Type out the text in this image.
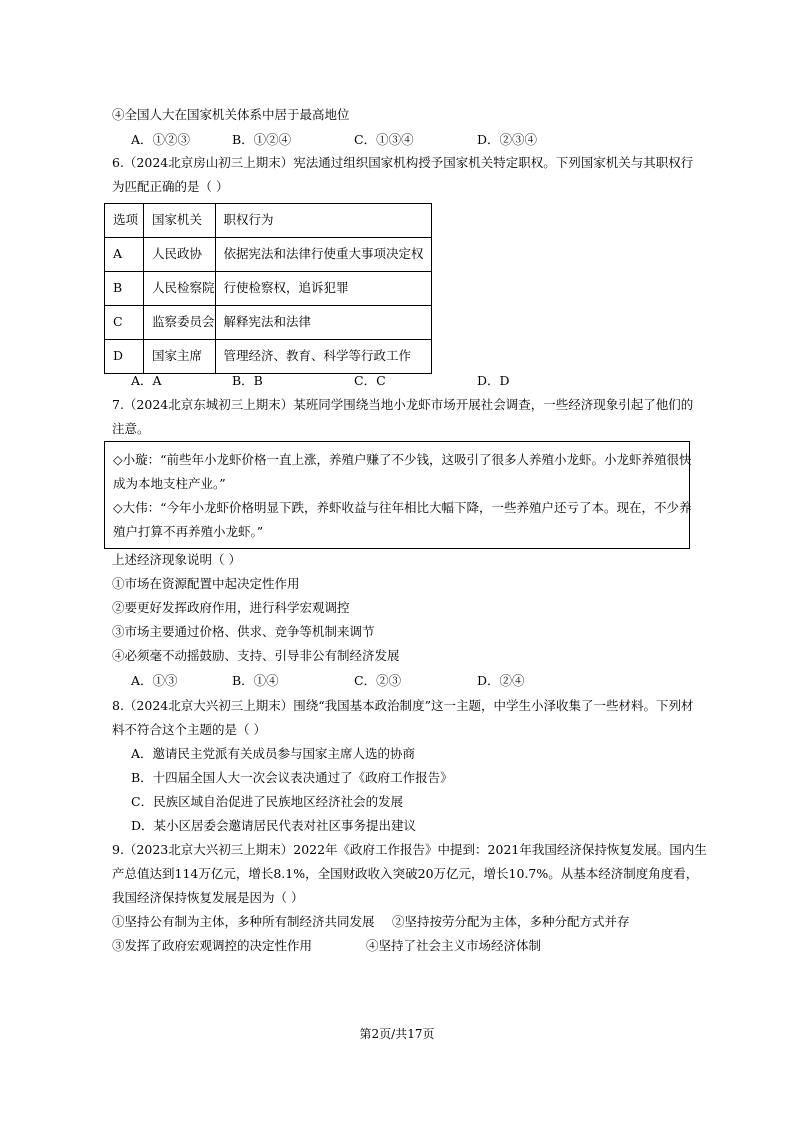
④全国人大在国家机关体系中居于最高地位
A．①②③	B．①②④	C．①③④	D．②③④
6.（2024北京房山初三上期末）宪法通过组织国家机构授予国家机关特定职权。下列国家机关与其职权行
为匹配正确的是（ ）
选项	国家机关	职权行为
A	人民政协	依据宪法和法律行使重大事项决定权
B	人民检察院	行使检察权，追诉犯罪
C	监察委员会	解释宪法和法律
D	国家主席	管理经济、教育、科学等行政工作
A．A	B．B	C．C	D．D
7.（2024北京东城初三上期末）某班同学围绕当地小龙虾市场开展社会调查，一些经济现象引起了他们的
注意。
◇小璇：“前些年小龙虾价格一直上涨，养殖户赚了不少钱，这吸引了很多人养殖小龙虾。小龙虾养殖很快
成为本地支柱产业。”
◇大伟：“今年小龙虾价格明显下跌，养虾收益与往年相比大幅下降，一些养殖户还亏了本。现在，不少养
殖户打算不再养殖小龙虾。”
上述经济现象说明（ ）
①市场在资源配置中起决定性作用
②要更好发挥政府作用，进行科学宏观调控
③市场主要通过价格、供求、竞争等机制来调节
④必须毫不动摇鼓励、支持、引导非公有制经济发展
A．①③	B．①④	C．②③	D．②④
8.（2024北京大兴初三上期末）围绕“我国基本政治制度”这一主题，中学生小泽收集了一些材料。下列材
料不符合这个主题的是（ ）
A．邀请民主党派有关成员参与国家主席人选的协商
B．十四届全国人大一次会议表决通过了《政府工作报告》
C．民族区域自治促进了民族地区经济社会的发展
D．某小区居委会邀请居民代表对社区事务提出建议
9.（2023北京大兴初三上期末）2022年《政府工作报告》中提到：2021年我国经济保持恢复发展。国内生
产总值达到114万亿元，增长8.1%，全国财政收入突破20万亿元，增长10.7%。从基本经济制度角度看，
我国经济保持恢复发展是因为（ ）
①坚持公有制为主体，多种所有制经济共同发展 ②坚持按劳分配为主体，多种分配方式并存
③发挥了政府宏观调控的决定性作用	④坚持了社会主义市场经济体制
第2页/共17页
